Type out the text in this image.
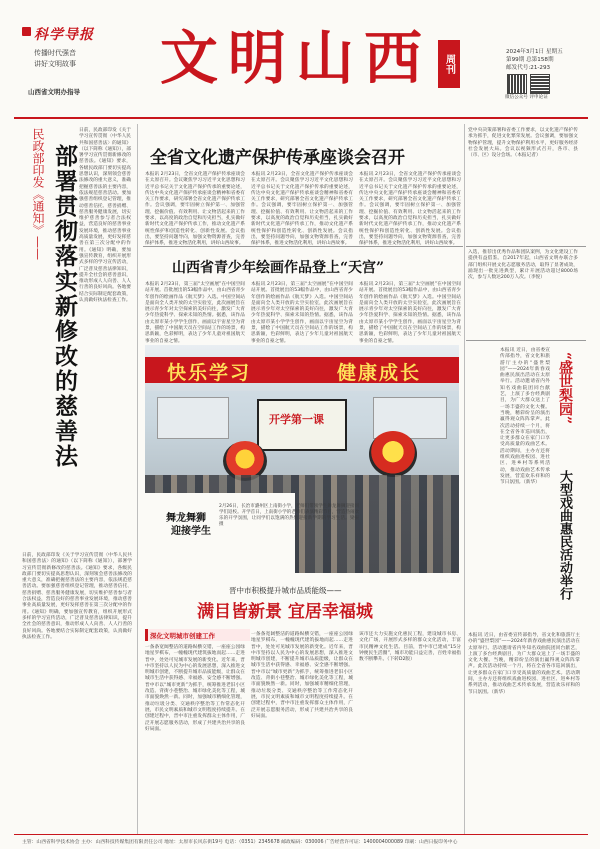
科学导报
传播时代强音
讲好文明故事
山西省文明办指导 文明山西 周刊
2024年3月1日 星期五
第99期 总第158期
邮发代号:21-293
微信公众号 评申论证
民政部印发《通知》—— 部署贯彻落实新修改的慈善法
日前，民政部印发《关于学习宣传贯彻〈中华人民共和国慈善法〉的通知》（以下简称《通知》），部署学习宣传贯彻新修改的慈善法。《通知》要求，各级民政部门要切实提高思想认识，深刻领会慈善法修改的重大意义，准确把握慈善法的主要内容，依法规范慈善活动。要加强慈善组织登记管理，推动慈善信托、慈善捐赠、慈善服务健康发展，切实维护慈善参与者合法权益，营造良好的慈善事业发展环境，推动慈善事业高质量发展，更好发挥慈善在第三次分配中的作用。《通知》明确，要加强宣传教育，组织开展形式多样的学习宣传活动，广泛普及慈善法律知识，提升全社会的慈善意识，推动形成人人向善、人人行善的良好风尚。各地要结合实际制定配套政策，认真做好执法检查工作。
日前，民政部印发《关于学习宣传贯彻〈中华人民共和国慈善法〉的通知》（以下简称《通知》），部署学习宣传贯彻新修改的慈善法。《通知》要求，各级民政部门要切实提高思想认识，深刻领会慈善法修改的重大意义，准确把握慈善法的主要内容，依法规范慈善活动。要加强慈善组织登记管理，推动慈善信托、慈善捐赠、慈善服务健康发展，切实维护慈善参与者合法权益，营造良好的慈善事业发展环境，推动慈善事业高质量发展，更好发挥慈善在第三次分配中的作用。《通知》明确，要加强宣传教育，组织开展形式多样的学习宣传活动，广泛普及慈善法律知识，提升全社会的慈善意识，推动形成人人向善、人人行善的良好风尚。各地要结合实际制定配套政策，认真做好执法检查工作。
全省文化遗产保护传承座谈会召开
本报讯 2月23日，全省文化遗产保护传承座谈会在太原召开。会议聚焦学习习近平文化思想和习近平总书记关于文化遗产保护传承的重要论述，传达中央文化遗产保护传承座谈会精神和省委有关工作要求，研究部署全省文化遗产保护传承工作。会议强调，要牢固树立保护第一、加强管理、挖掘价值、有效利用、让文物活起来的工作要求，以高度的政治自觉和历史担当，扎实做好新时代文化遗产保护传承工作，推动文化遗产系统性保护和创造性转化、创新性发展。会议指出，要坚持问题导向，加强文物资源普查，完善保护体系，推进文物活化利用，讲好山西故事。
本报讯 2月23日，全省文化遗产保护传承座谈会在太原召开。会议聚焦学习习近平文化思想和习近平总书记关于文化遗产保护传承的重要论述，传达中央文化遗产保护传承座谈会精神和省委有关工作要求，研究部署全省文化遗产保护传承工作。会议强调，要牢固树立保护第一、加强管理、挖掘价值、有效利用、让文物活起来的工作要求，以高度的政治自觉和历史担当，扎实做好新时代文化遗产保护传承工作，推动文化遗产系统性保护和创造性转化、创新性发展。会议指出，要坚持问题导向，加强文物资源普查，完善保护体系，推进文物活化利用，讲好山西故事。
本报讯 2月23日，全省文化遗产保护传承座谈会在太原召开。会议聚焦学习习近平文化思想和习近平总书记关于文化遗产保护传承的重要论述，传达中央文化遗产保护传承座谈会精神和省委有关工作要求，研究部署全省文化遗产保护传承工作。会议强调，要牢固树立保护第一、加强管理、挖掘价值、有效利用、让文物活起来的工作要求，以高度的政治自觉和历史担当，扎实做好新时代文化遗产保护传承工作，推动文化遗产系统性保护和创造性转化、创新性发展。会议指出，要坚持问题导向，加强文物资源普查，完善保护体系，推进文物活化利用，讲好山西故事。
党中央决策部署和省委工作要求，以文化遗产保护传承为抓手，促进文化繁荣发展。会议强调，要加强文物保护管理，提升文物保护利用水平，更好服务经济社会发展大局。会议以视频形式召开，各市、县（市、区）设分会场。（本报记者）
山西省青少年绘画作品登上“天宫”
本报讯 2月23日，第三届“太空画展”在中国空间站开展。首批展出的53幅作品中，由山西省青少年创作的绘画作品《航天梦》入选。中国空间站是面向全人类开放的太空实验室，此次画展旨在展示青少年对太空探索的美好向往，激发广大青少年热爱科学、探索未知的热情。据悉，该作品由太原市某小学学生创作，画面以宇宙星空为背景，描绘了中国航天员在空间站工作的场景，构思新颖，色彩鲜明，表达了少年儿童对祖国航天事业的自豪之情。
本报讯 2月23日，第三届“太空画展”在中国空间站开展。首批展出的53幅作品中，由山西省青少年创作的绘画作品《航天梦》入选。中国空间站是面向全人类开放的太空实验室，此次画展旨在展示青少年对太空探索的美好向往，激发广大青少年热爱科学、探索未知的热情。据悉，该作品由太原市某小学学生创作，画面以宇宙星空为背景，描绘了中国航天员在空间站工作的场景，构思新颖，色彩鲜明，表达了少年儿童对祖国航天事业的自豪之情。
本报讯 2月23日，第三届“太空画展”在中国空间站开展。首批展出的53幅作品中，由山西省青少年创作的绘画作品《航天梦》入选。中国空间站是面向全人类开放的太空实验室，此次画展旨在展示青少年对太空探索的美好向往，激发广大青少年热爱科学、探索未知的热情。据悉，该作品由太原市某小学学生创作，画面以宇宙星空为背景，描绘了中国航天员在空间站工作的场景，构思新颖，色彩鲜明，表达了少年儿童对祖国航天事业的自豪之情。
入选，推荐出优秀作品和团队案例，为文化建设工作提供有益借鉴。自2017年起，山西省文明办联合多部门组织开展文化志愿服务活动，取得了显著成效，涌现出一批先进典型，累计开展活动超过8000场次，参与人数达200万人次。（李悦）
快乐学习	健康成长
开学第一课
舞龙舞狮
迎接学生
2月26日，长治市潞州区上南街小学，老师们带领学生舞龙舞狮迎接同学们返校。开学首日，上南街小学的老师们表演精彩节目，营造热闹欢乐的开学氛围，让同学们以饱满的热情迎接新学期的学习生活。梁振 摄
“盛世梨园”
大型戏曲惠民活动举行
本报讯 近日，由省委宣传部指导，省文化和旅游厅主办的“盛世梨园”——2024年新春戏曲惠民演出活动在太原举行。活动邀请省内外知名戏曲院团同台献艺，上演了多台经典剧目，为广大群众送上了一场丰盛的文化大餐。当晚，精彩纷呈的演出赢得观众阵阵掌声。此次活动持续一个月，将在全省各市巡回演出，让更多群众在家门口享受高质量的戏曲艺术。活动期间，主办方还将组织戏曲进校园、进社区、进乡村等系列活动，推动戏曲艺术传承发展，营造欢乐祥和的节日氛围。（新华）
本报讯 近日，由省委宣传部指导，省文化和旅游厅主办的“盛世梨园”——2024年新春戏曲惠民演出活动在太原举行。活动邀请省内外知名戏曲院团同台献艺，上演了多台经典剧目，为广大群众送上了一场丰盛的文化大餐。当晚，精彩纷呈的演出赢得观众阵阵掌声。此次活动持续一个月，将在全省各市巡回演出，让更多群众在家门口享受高质量的戏曲艺术。活动期间，主办方还将组织戏曲进校园、进社区、进乡村等系列活动，推动戏曲艺术传承发展，营造欢乐祥和的节日氛围。（新华）
晋中市积极提升城市品质能级——
满目皆新景 宜居幸福城
深化文明城市创建工作
一条条宽阔整洁的道路纵横交错，一座座公园绿地星罗棋布，一幢幢现代建筑拔地而起……走进晋中，处处可见城市发展的新变化。近年来，晋中市坚持以人民为中心的发展思想，深入推进文明城市创建，不断提升城市品质能级，让群众在城市生活中获得感、幸福感、安全感不断增强。晋中市以“城市更新”为抓手，统筹推进老旧小区改造、背街小巷整治、城市绿化美化等工程，城市面貌焕然一新。同时，加强城市精细化管理，推动垃圾分类、交通秩序整治等工作常态化开展，市民文明素质和城市文明程度持续提升。在创建过程中，晋中市注重发挥群众主体作用，广泛开展志愿服务活动，形成了共建共治共享的良好局面。
一条条宽阔整洁的道路纵横交错，一座座公园绿地星罗棋布，一幢幢现代建筑拔地而起……走进晋中，处处可见城市发展的新变化。近年来，晋中市坚持以人民为中心的发展思想，深入推进文明城市创建，不断提升城市品质能级，让群众在城市生活中获得感、幸福感、安全感不断增强。晋中市以“城市更新”为抓手，统筹推进老旧小区改造、背街小巷整治、城市绿化美化等工程，城市面貌焕然一新。同时，加强城市精细化管理，推动垃圾分类、交通秩序整治等工作常态化开展，市民文明素质和城市文明程度持续提升。在创建过程中，晋中市注重发挥群众主体作用，广泛开展志愿服务活动，形成了共建共治共享的良好局面。
该市还大力实施文化惠民工程，建设城市书房、文化广场，开展形式多样的群众文化活动，丰富市民精神文化生活。目前，晋中市已建成“15分钟便民生活圈”，城市功能日益完善，百姓幸福指数不断攀升。（下转D2版）
主管：山西省科学技术协会 主办：山西科技传媒集团有限责任公司 地址：太原市长风东街19号 电话：（0351）2345678 邮政编码：030006 广告经营许可证：1400004000089 印刷：山西日报印务中心
